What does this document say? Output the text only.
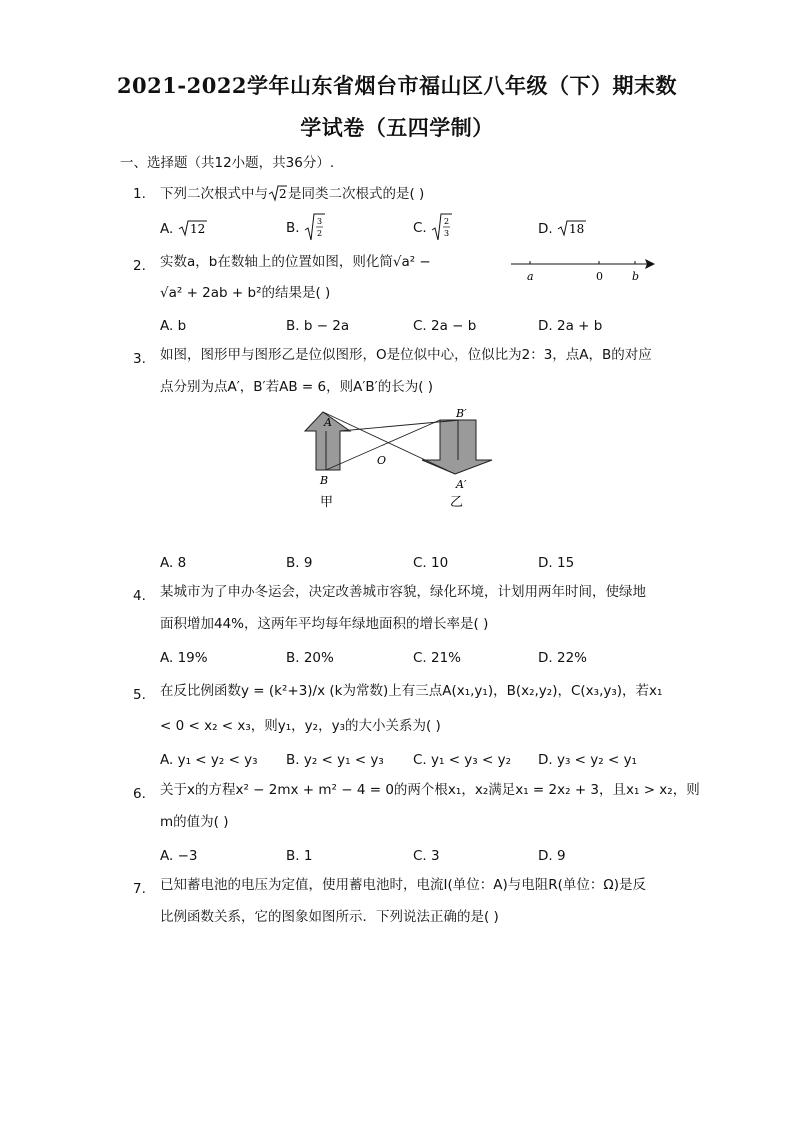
2021-2022学年山东省烟台市福山区八年级（下）期末数
学试卷（五四学制）
一、选择题（共12小题，共36分）.
1. 下列二次根式中与 2 是同类二次根式的是( )
A. 12	B. 3
2	C. 2
3	D. 18
2. 实数a，b在数轴上的位置如图，则化简√a² −
√a² + 2ab + b²的结果是( )
a	0	b
A. b	B. b − 2a	C. 2a − b	D. 2a + b
3. 如图，图形甲与图形乙是位似图形，O是位似中心，位似比为2：3，点A，B的对应
点分别为点A′，B′若AB = 6，则A′B′的长为( )
A
B
O
A′
B′
甲	乙
A. 8	B. 9	C. 10	D. 15
4. 某城市为了申办冬运会，决定改善城市容貌，绿化环境，计划用两年时间，使绿地
面积增加44%，这两年平均每年绿地面积的增长率是( )
A. 19%	B. 20%	C. 21%	D. 22%
5. 在反比例函数y = (k²+3)/x (k为常数)上有三点A(x₁,y₁)，B(x₂,y₂)，C(x₃,y₃)，若x₁
< 0 < x₂ < x₃，则y₁，y₂，y₃的大小关系为( )
A. y₁ < y₂ < y₃ B. y₂ < y₁ < y₃ C. y₁ < y₃ < y₂ D. y₃ < y₂ < y₁
6. 关于x的方程x² − 2mx + m² − 4 = 0的两个根x₁，x₂满足x₁ = 2x₂ + 3，且x₁ > x₂，则
m的值为( )
A. −3	B. 1	C. 3	D. 9
7. 已知蓄电池的电压为定值，使用蓄电池时，电流I(单位：A)与电阻R(单位：Ω)是反
比例函数关系，它的图象如图所示．下列说法正确的是( )
